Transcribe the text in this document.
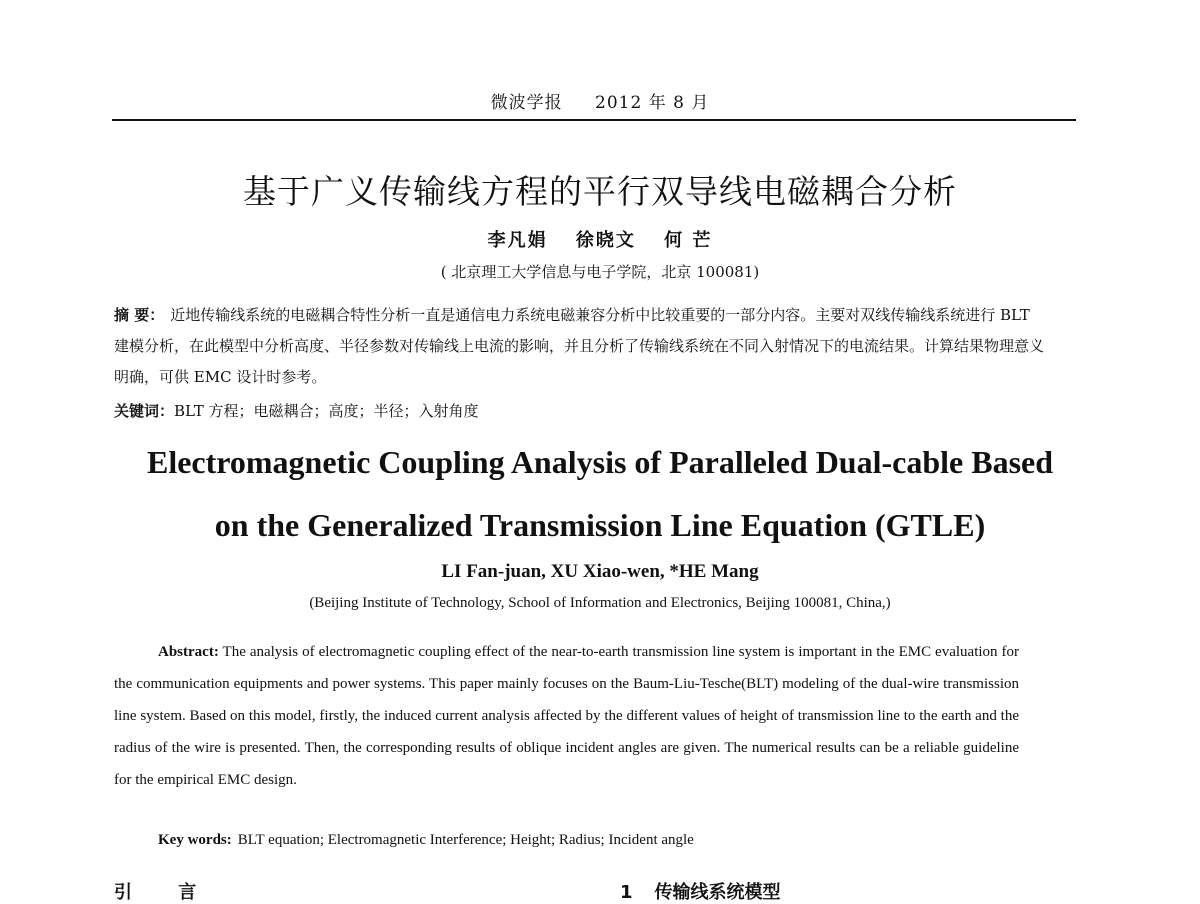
微波学报 2012 年 8 月
基于广义传输线方程的平行双导线电磁耦合分析
李凡娟 徐晓文 何 芒
( 北京理工大学信息与电子学院，北京 100081)
摘 要： 近地传输线系统的电磁耦合特性分析一直是通信电力系统电磁兼容分析中比较重要的一部分内容。主要对双线传输线系统进行 BLT 建模分析，在此模型中分析高度、半径参数对传输线上电流的影响，并且分析了传输线系统在不同入射情况下的电流结果。计算结果物理意义明确，可供 EMC 设计时参考。
关键词：BLT 方程；电磁耦合；高度；半径；入射角度
Electromagnetic Coupling Analysis of Paralleled Dual-cable Based
on the Generalized Transmission Line Equation (GTLE)
LI Fan-juan, XU Xiao-wen, *HE Mang
(Beijing Institute of Technology, School of Information and Electronics, Beijing 100081, China,)
Abstract: The analysis of electromagnetic coupling effect of the near-to-earth transmission line system is important in the EMC evaluation for the communication equipments and power systems. This paper mainly focuses on the Baum-Liu-Tesche(BLT) modeling of the dual-wire transmission line system. Based on this model, firstly, the induced current analysis affected by the different values of height of transmission line to the earth and the radius of the wire is presented. Then, the corresponding results of oblique incident angles are given. The numerical results can be a reliable guideline for the empirical EMC design.
Key words: BLT equation; Electromagnetic Interference; Height; Radius; Incident angle
引 言	1 传输线系统模型
